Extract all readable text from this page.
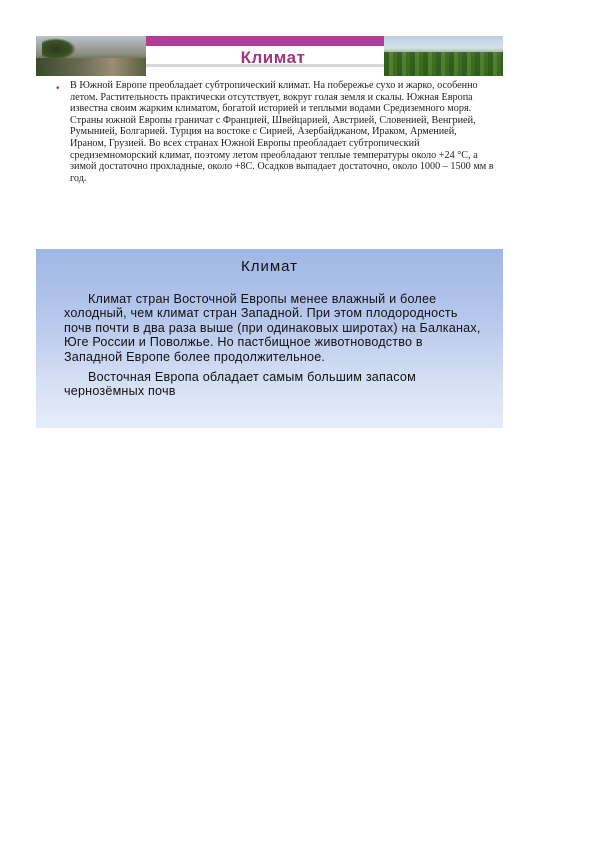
Климат
•	В Южной Европе преобладает субтропический климат. На побережье сухо и жарко, особенно летом. Растительность практически отсутствует, вокруг голая земля и скалы. Южная Европа известна своим жарким климатом, богатой историей и теплыми водами Средиземного моря. Страны южной Европы граничат с Францией, Швейцарией, Австрией, Словенией, Венгрией, Румынией, Болгарией. Турция на востоке с Сирией, Азербайджаном, Ираком, Арменией, Ираном, Грузией. Во всех странах Южной Европы преобладает субтропический средиземноморский климат, поэтому летом преобладают теплые температуры около +24 °С, а зимой достаточно прохладные, около +8С. Осадков выпадает достаточно, около 1000 – 1500 мм в год.
Климат

Климат стран Восточной Европы менее влажный и более холодный, чем климат стран Западной. При этом плодородность почв почти в два раза вышe (при одинаковых широтах) на Балканах, Юге России и Поволжье. Но пастбищное животноводство в Западной Европе более продолжительное.

Восточная Европа обладает самым большим запасом чернозёмных почв
